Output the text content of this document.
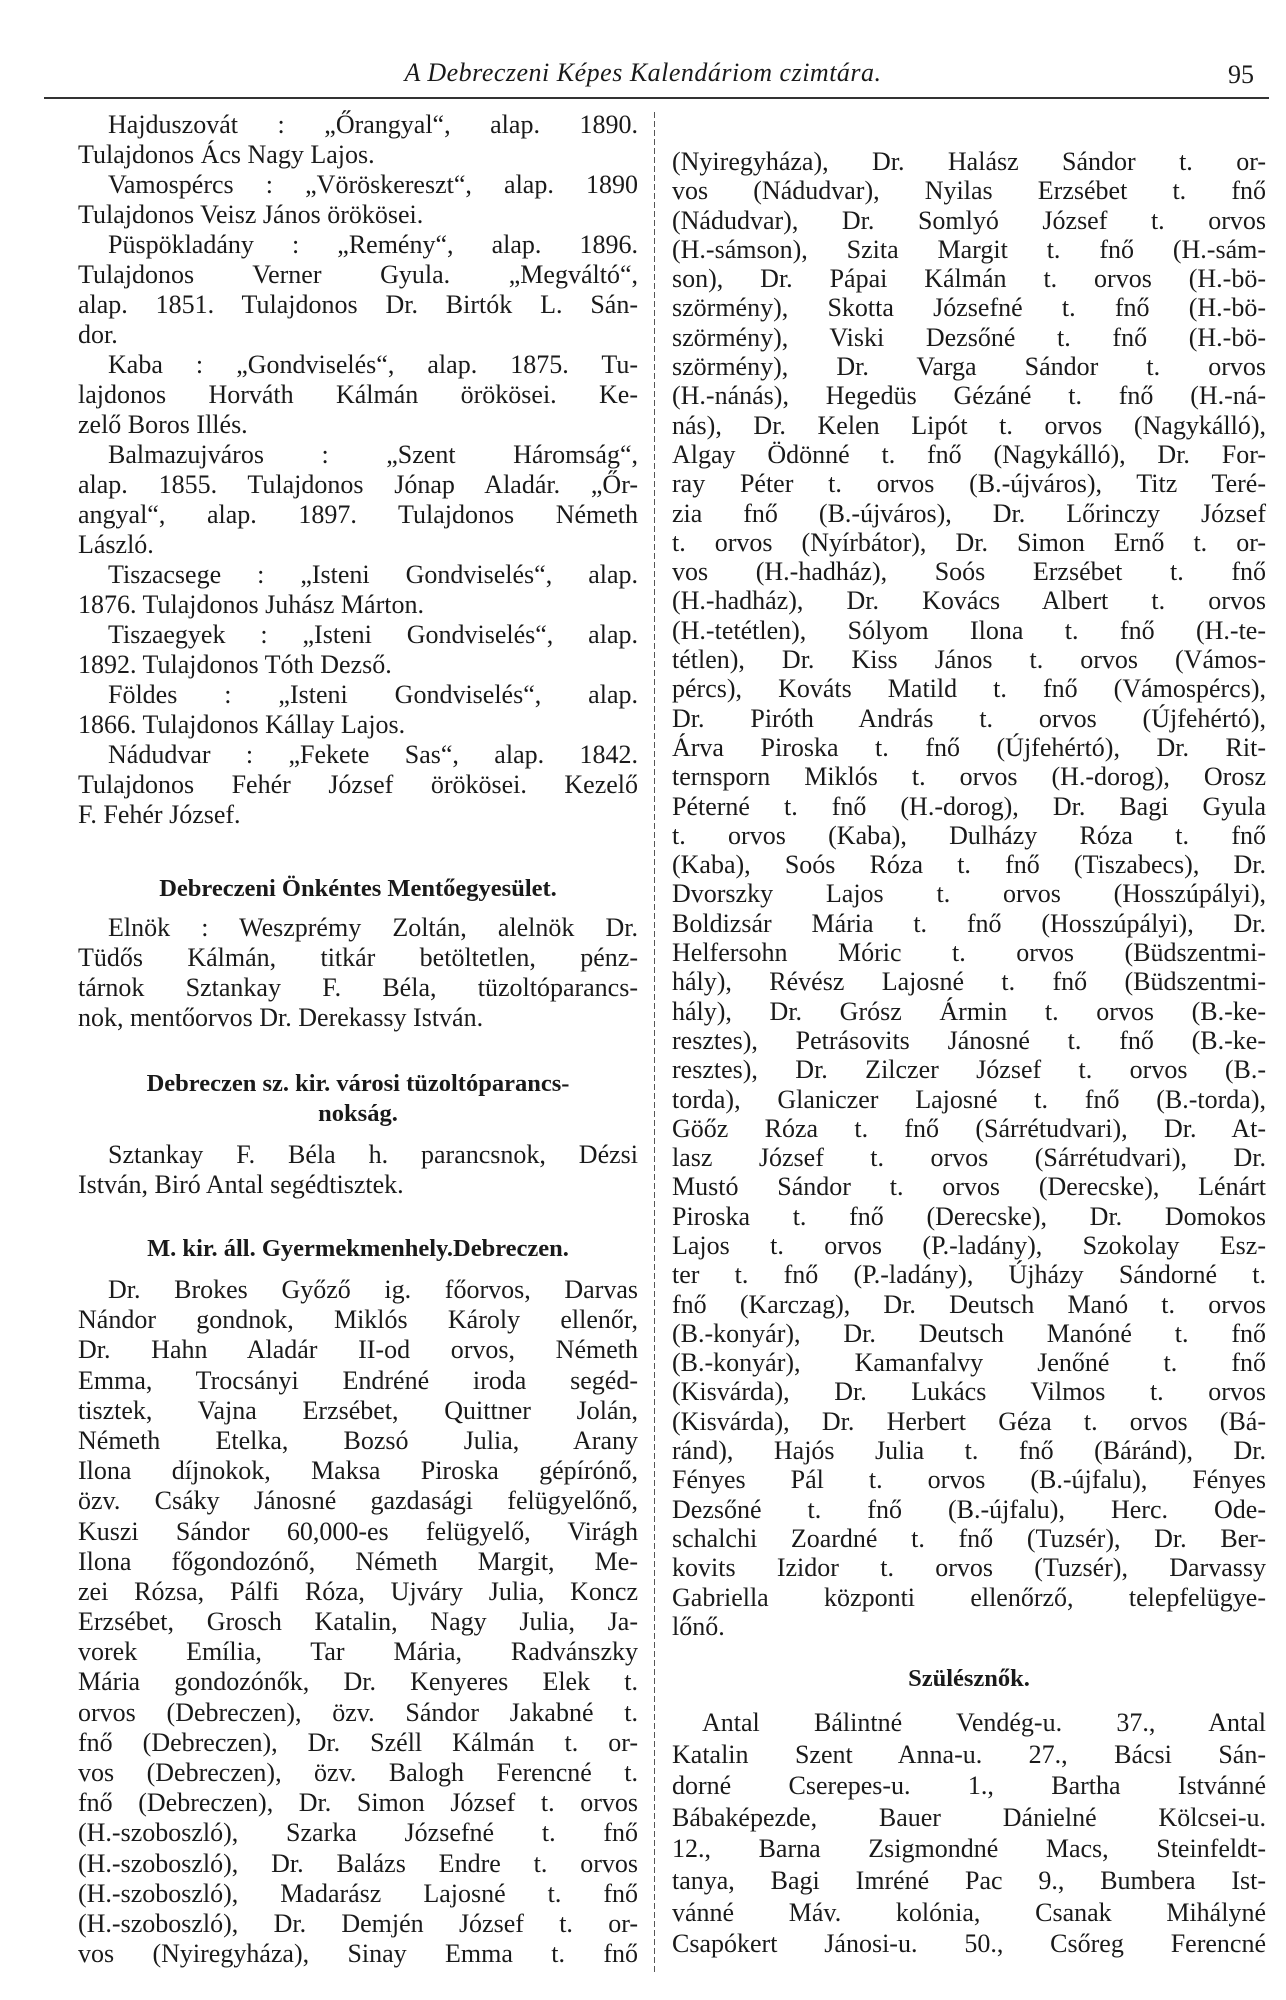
A Debreczeni Képes Kalendáriom czimtára.	95
Hajduszovát : „Őrangyal“, alap. 1890.
Tulajdonos Ács Nagy Lajos.
Vamospércs : „Vöröskereszt“, alap. 1890
Tulajdonos Veisz János örökösei.
Püspökladány : „Remény“, alap. 1896.
Tulajdonos Verner Gyula. „Megváltó“,
alap. 1851. Tulajdonos Dr. Birtók L. Sán-
dor.
Kaba : „Gondviselés“, alap. 1875. Tu-
lajdonos Horváth Kálmán örökösei. Ke-
zelő Boros Illés.
Balmazujváros : „Szent Háromság“,
alap. 1855. Tulajdonos Jónap Aladár. „Őr-
angyal“, alap. 1897. Tulajdonos Németh
László.
Tiszacsege : „Isteni Gondviselés“, alap.
1876. Tulajdonos Juhász Márton.
Tiszaegyek : „Isteni Gondviselés“, alap.
1892. Tulajdonos Tóth Dezső.
Földes : „Isteni Gondviselés“, alap.
1866. Tulajdonos Kállay Lajos.
Nádudvar : „Fekete Sas“, alap. 1842.
Tulajdonos Fehér József örökösei. Kezelő
F. Fehér József.
Debreczeni Önkéntes Mentőegyesület.
Elnök : Weszprémy Zoltán, alelnök Dr.
Tüdős Kálmán, titkár betöltetlen, pénz-
tárnok Sztankay F. Béla, tüzoltóparancs-
nok, mentőorvos Dr. Derekassy István.
Debreczen sz. kir. városi tüzoltóparancs-
nokság.
Sztankay F. Béla h. parancsnok, Dézsi
István, Biró Antal segédtisztek.
M. kir. áll. Gyermekmenhely.Debreczen.
Dr. Brokes Győző ig. főorvos, Darvas
Nándor gondnok, Miklós Károly ellenőr,
Dr. Hahn Aladár II-od orvos, Németh
Emma, Trocsányi Endréné iroda segéd-
tisztek, Vajna Erzsébet, Quittner Jolán,
Németh Etelka, Bozsó Julia, Arany
Ilona díjnokok, Maksa Piroska gépírónő,
özv. Csáky Jánosné gazdasági felügyelőnő,
Kuszi Sándor 60,000-es felügyelő, Virágh
Ilona főgondozónő, Németh Margit, Me-
zei Rózsa, Pálfi Róza, Ujváry Julia, Koncz
Erzsébet, Grosch Katalin, Nagy Julia, Ja-
vorek Emília, Tar Mária, Radvánszky
Mária gondozónők, Dr. Kenyeres Elek t.
orvos (Debreczen), özv. Sándor Jakabné t.
fnő (Debreczen), Dr. Széll Kálmán t. or-
vos (Debreczen), özv. Balogh Ferencné t.
fnő (Debreczen), Dr. Simon József t. orvos
(H.-szoboszló), Szarka Józsefné t. fnő
(H.-szoboszló), Dr. Balázs Endre t. orvos
(H.-szoboszló), Madarász Lajosné t. fnő
(H.-szoboszló), Dr. Demjén József t. or-
vos (Nyiregyháza), Sinay Emma t. fnő
(Nyiregyháza), Dr. Halász Sándor t. or-
vos (Nádudvar), Nyilas Erzsébet t. fnő
(Nádudvar), Dr. Somlyó József t. orvos
(H.-sámson), Szita Margit t. fnő (H.-sám-
son), Dr. Pápai Kálmán t. orvos (H.-bö-
szörmény), Skotta Józsefné t. fnő (H.-bö-
szörmény), Viski Dezsőné t. fnő (H.-bö-
szörmény), Dr. Varga Sándor t. orvos
(H.-nánás), Hegedüs Gézáné t. fnő (H.-ná-
nás), Dr. Kelen Lipót t. orvos (Nagykálló),
Algay Ödönné t. fnő (Nagykálló), Dr. For-
ray Péter t. orvos (B.-újváros), Titz Teré-
zia fnő (B.-újváros), Dr. Lőrinczy József
t. orvos (Nyírbátor), Dr. Simon Ernő t. or-
vos (H.-hadház), Soós Erzsébet t. fnő
(H.-hadház), Dr. Kovács Albert t. orvos
(H.-tetétlen), Sólyom Ilona t. fnő (H.-te-
tétlen), Dr. Kiss János t. orvos (Vámos-
pércs), Kováts Matild t. fnő (Vámospércs),
Dr. Piróth András t. orvos (Újfehértó),
Árva Piroska t. fnő (Újfehértó), Dr. Rit-
ternsporn Miklós t. orvos (H.-dorog), Orosz
Péterné t. fnő (H.-dorog), Dr. Bagi Gyula
t. orvos (Kaba), Dulházy Róza t. fnő
(Kaba), Soós Róza t. fnő (Tiszabecs), Dr.
Dvorszky Lajos t. orvos (Hosszúpályi),
Boldizsár Mária t. fnő (Hosszúpályi), Dr.
Helfersohn Móric t. orvos (Büdszentmi-
hály), Révész Lajosné t. fnő (Büdszentmi-
hály), Dr. Grósz Ármin t. orvos (B.-ke-
resztes), Petrásovits Jánosné t. fnő (B.-ke-
resztes), Dr. Zilczer József t. orvos (B.-
torda), Glaniczer Lajosné t. fnő (B.-torda),
Göőz Róza t. fnő (Sárrétudvari), Dr. At-
lasz József t. orvos (Sárrétudvari), Dr.
Mustó Sándor t. orvos (Derecske), Lénárt
Piroska t. fnő (Derecske), Dr. Domokos
Lajos t. orvos (P.-ladány), Szokolay Esz-
ter t. fnő (P.-ladány), Újházy Sándorné t.
fnő (Karczag), Dr. Deutsch Manó t. orvos
(B.-konyár), Dr. Deutsch Manóné t. fnő
(B.-konyár), Kamanfalvy Jenőné t. fnő
(Kisvárda), Dr. Lukács Vilmos t. orvos
(Kisvárda), Dr. Herbert Géza t. orvos (Bá-
ránd), Hajós Julia t. fnő (Báránd), Dr.
Fényes Pál t. orvos (B.-újfalu), Fényes
Dezsőné t. fnő (B.-újfalu), Herc. Ode-
schalchi Zoardné t. fnő (Tuzsér), Dr. Ber-
kovits Izidor t. orvos (Tuzsér), Darvassy
Gabriella központi ellenőrző, telepfelügye-
lőnő.
Szülésznők.
Antal Bálintné Vendég-u. 37., Antal
Katalin Szent Anna-u. 27., Bácsi Sán-
dorné Cserepes-u. 1., Bartha Istvánné
Bábaképezde, Bauer Dánielné Kölcsei-u.
12., Barna Zsigmondné Macs, Steinfeldt-
tanya, Bagi Imréné Pac 9., Bumbera Ist-
vánné Máv. kolónia, Csanak Mihályné
Csapókert Jánosi-u. 50., Csőreg Ferencné
